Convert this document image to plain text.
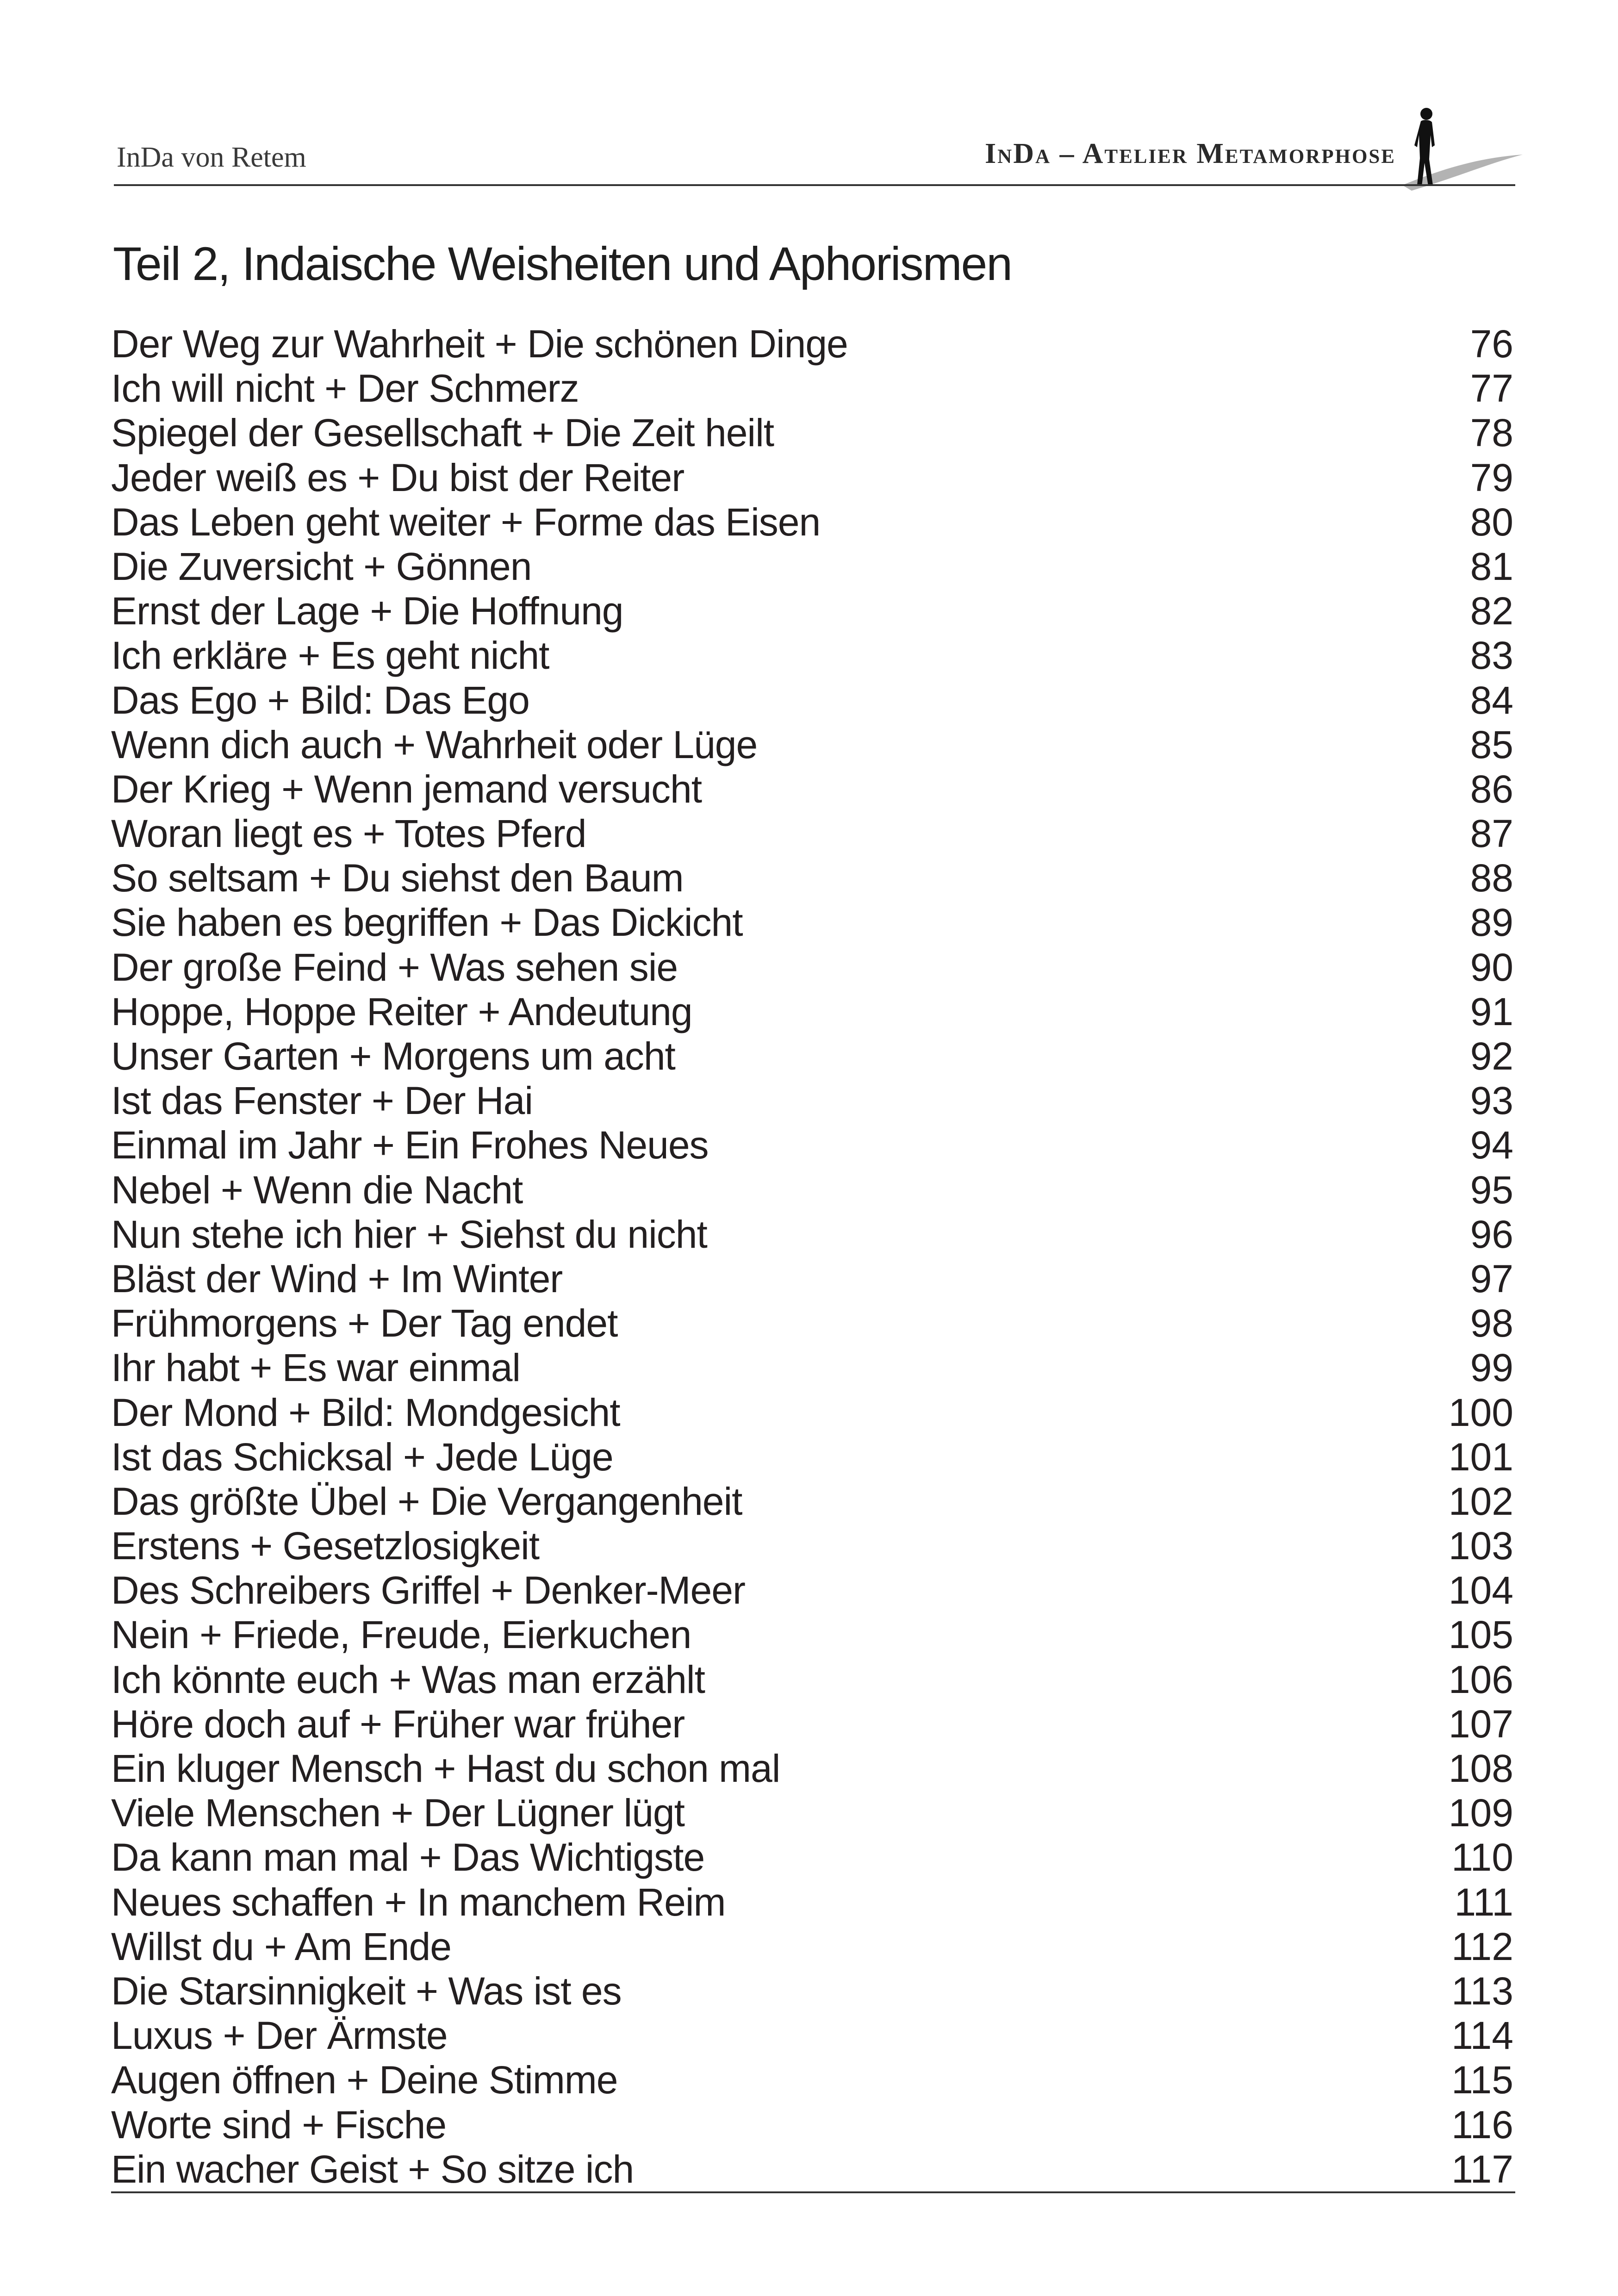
InDa von Retem	InDa – Atelier Metamorphose
Teil 2, Indaische Weisheiten und Aphorismen
Der Weg zur Wahrheit + Die schönen Dinge	76
Ich will nicht + Der Schmerz	77
Spiegel der Gesellschaft + Die Zeit heilt	78
Jeder weiß es + Du bist der Reiter	79
Das Leben geht weiter + Forme das Eisen	80
Die Zuversicht + Gönnen	81
Ernst der Lage + Die Hoffnung	82
Ich erkläre + Es geht nicht	83
Das Ego + Bild: Das Ego	84
Wenn dich auch + Wahrheit oder Lüge	85
Der Krieg + Wenn jemand versucht	86
Woran liegt es + Totes Pferd	87
So seltsam + Du siehst den Baum	88
Sie haben es begriffen + Das Dickicht	89
Der große Feind + Was sehen sie	90
Hoppe, Hoppe Reiter + Andeutung	91
Unser Garten + Morgens um acht	92
Ist das Fenster + Der Hai	93
Einmal im Jahr + Ein Frohes Neues	94
Nebel + Wenn die Nacht	95
Nun stehe ich hier + Siehst du nicht	96
Bläst der Wind + Im Winter	97
Frühmorgens + Der Tag endet	98
Ihr habt + Es war einmal	99
Der Mond + Bild: Mondgesicht	100
Ist das Schicksal + Jede Lüge	101
Das größte Übel + Die Vergangenheit	102
Erstens + Gesetzlosigkeit	103
Des Schreibers Griffel + Denker-Meer	104
Nein + Friede, Freude, Eierkuchen	105
Ich könnte euch + Was man erzählt	106
Höre doch auf + Früher war früher	107
Ein kluger Mensch + Hast du schon mal	108
Viele Menschen + Der Lügner lügt	109
Da kann man mal + Das Wichtigste	110
Neues schaffen + In manchem Reim	111
Willst du + Am Ende	112
Die Starsinnigkeit + Was ist es	113
Luxus + Der Ärmste	114
Augen öffnen + Deine Stimme	115
Worte sind + Fische	116
Ein wacher Geist + So sitze ich	117
